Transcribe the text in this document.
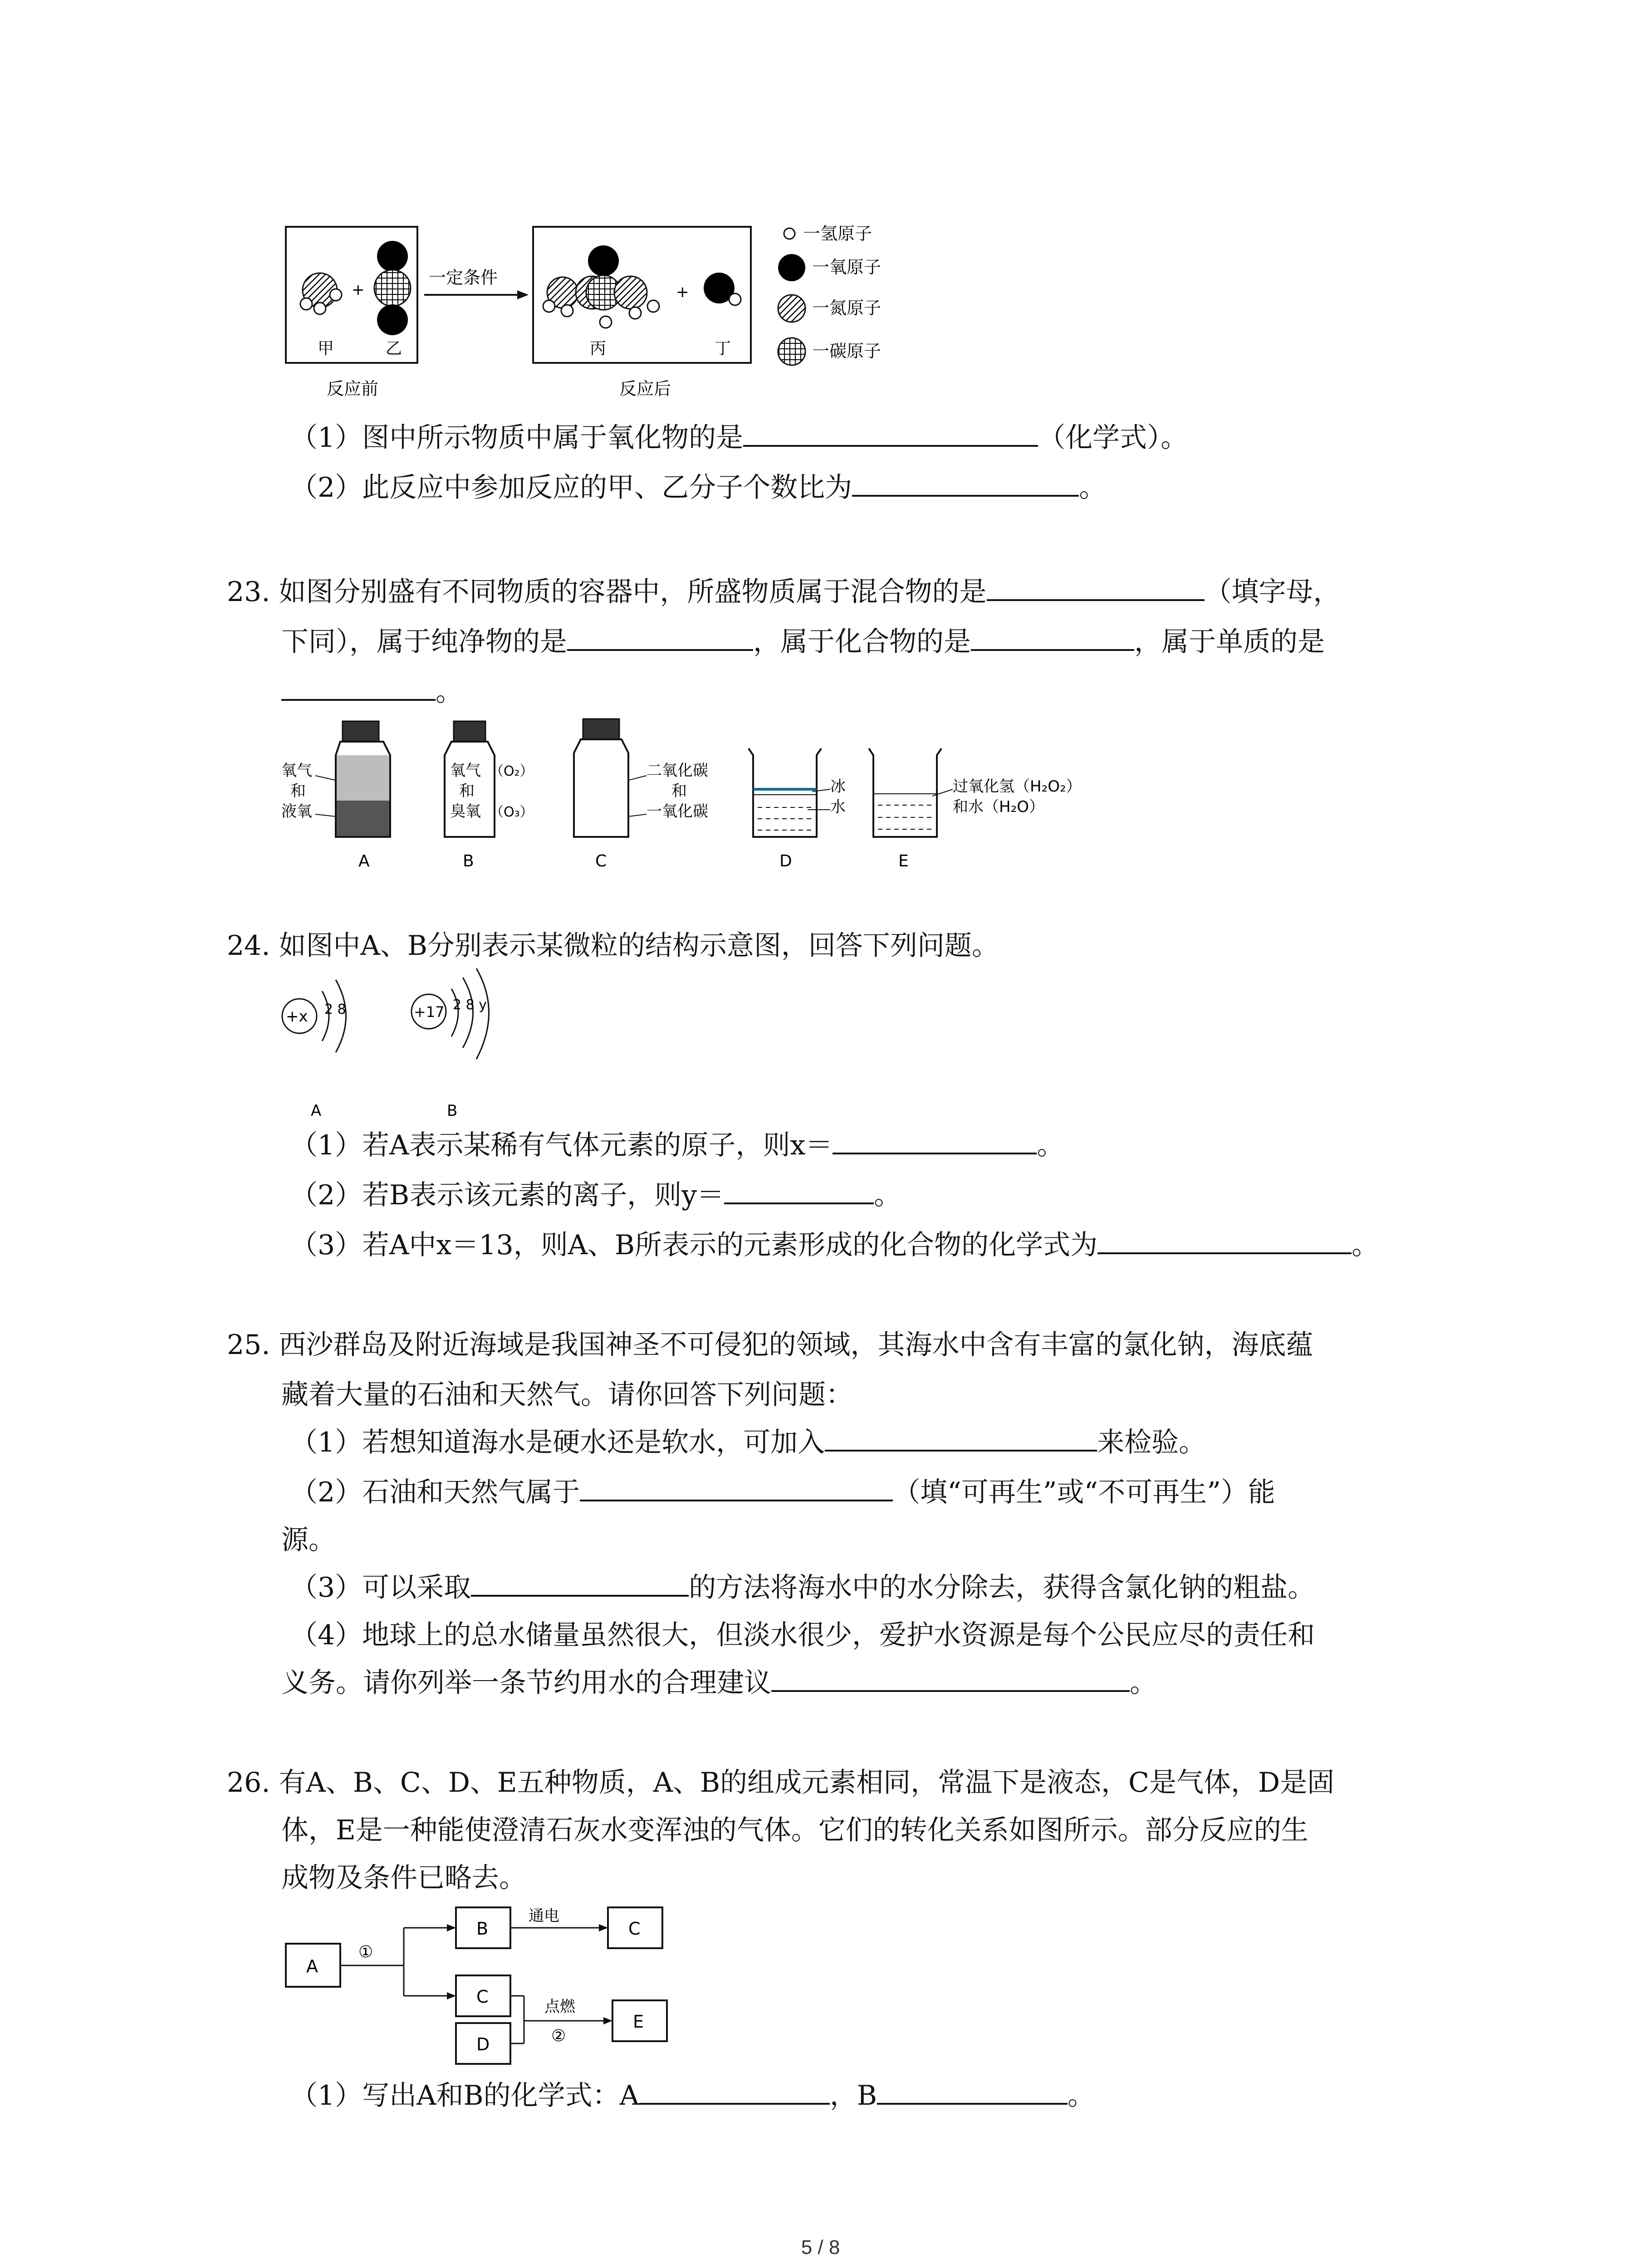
+
甲	乙
反应前
一定条件
+
丙	丁
反应后
一氢原子
一氧原子
一氮原子
一碳原子
（1）图中所示物质中属于氧化物的是	（化学式）。
（2）此反应中参加反应的甲、乙分子个数比为	。
23. 如图分别盛有不同物质的容器中，所盛物质属于混合物的是	（填字母，
下同），属于纯净物的是	，属于化合物的是	，属于单质的是
。
氧气
和
液氧
A
氧气
和
臭氧
（O₂）
（O₃）
B
二氧化碳
和
一氧化碳
C
冰
水
D
过氧化氢（H₂O₂）
和水（H₂O）
E
24. 如图中A、B分别表示某微粒的结构示意图，回答下列问题。
+x 2 8
A
+17 2 8 y
B
（1）若A表示某稀有气体元素的原子，则x＝	。
（2）若B表示该元素的离子，则y＝	。
（3）若A中x＝13，则A、B所表示的元素形成的化合物的化学式为	。
25. 西沙群岛及附近海域是我国神圣不可侵犯的领域，其海水中含有丰富的氯化钠，海底蕴
藏着大量的石油和天然气。请你回答下列问题：
（1）若想知道海水是硬水还是软水，可加入	来检验。
（2）石油和天然气属于	（填“可再生”或“不可再生”）能
源。
（3）可以采取	的方法将海水中的水分除去，获得含氯化钠的粗盐。
（4）地球上的总水储量虽然很大，但淡水很少，爱护水资源是每个公民应尽的责任和
义务。请你列举一条节约用水的合理建议	。
26. 有A、B、C、D、E五种物质，A、B的组成元素相同，常温下是液态，C是气体，D是固
体，E是一种能使澄清石灰水变浑浊的气体。它们的转化关系如图所示。部分反应的生
成物及条件已略去。
A
①
B
通电
C
C
D
点燃
②
E
（1）写出A和B的化学式：A	，B	。
5 / 8
